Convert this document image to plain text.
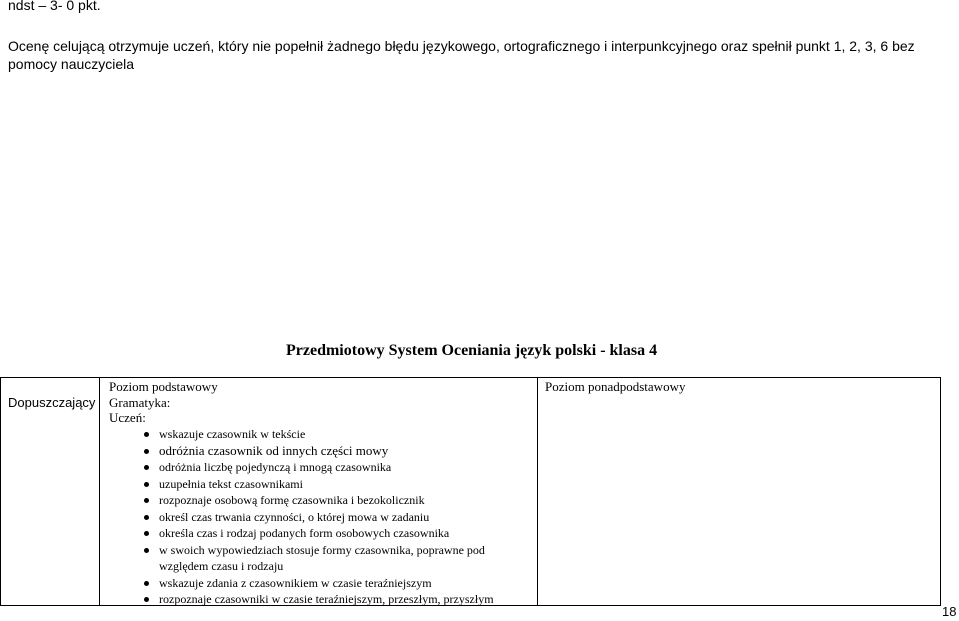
ndst – 3- 0 pkt.
Ocenę celującą otrzymuje uczeń, który nie popełnił żadnego błędu językowego, ortograficznego i interpunkcyjnego oraz spełnił punkt 1, 2, 3, 6 bez pomocy nauczyciela
Przedmiotowy System Oceniania język polski - klasa 4
Dopuszczający
Poziom podstawowy	Poziom ponadpodstawowy
Gramatyka:
Uczeń:
wskazuje czasownik w tekście
odróżnia czasownik od innych części mowy
odróżnia liczbę pojedynczą i mnogą czasownika
uzupełnia tekst czasownikami
rozpoznaje osobową formę czasownika i bezokolicznik
określ czas trwania czynności, o której mowa w zadaniu
określa czas i rodzaj podanych form osobowych czasownika
w swoich wypowiedziach stosuje formy czasownika, poprawne pod względem czasu i rodzaju
wskazuje zdania z czasownikiem w czasie teraźniejszym
rozpoznaje czasowniki w czasie teraźniejszym, przeszłym, przyszłym
18
